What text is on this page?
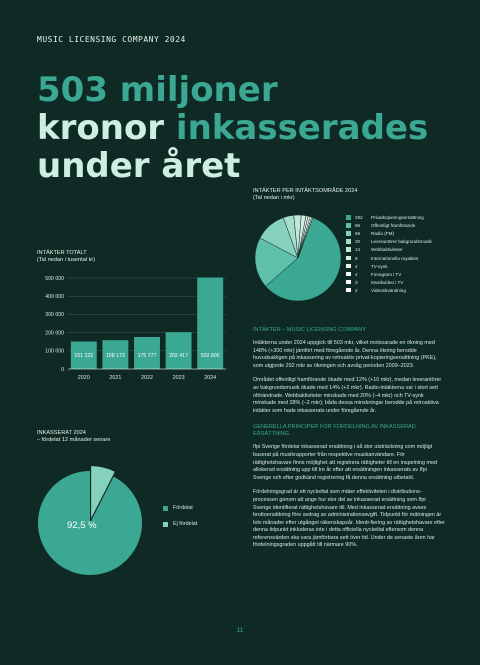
MUSIC LICENSING COMPANY 2024
503 miljoner
kronor inkasserades
under året
INTÄKTER PER INTÄKTSOMRÅDE 2024
(Tal nedan i mkr)
292	Privatkopieringsersättning
96	Offentligt framförande
59	Radio (FM)
20	Leverantörer bakgrundsmusik
14	Webbaktiviteter
9	Internationella royalties
4	TV-synk
4	Fonogram i TV
3	Musikvideo i TV
2	Videoskvändning
INTÄKTER TOTALT
(Tal nedan i tusental kr)
0
100 000
200 000
300 000
400 000
500 000
151 222
2020
158 173
2021
175 777
2022
202 417
2023
502 800
2024
INKASSERAT 2024
– fördelat 12 månader senare
92,5 %
Fördelat
Ej fördelat
INTÄKTER – MUSIC LICENSING COMPANY
Intäkterna under 2024 uppgick till 503 mkr, vilket motsvarade en ökning med 148% (+300 mkr) jämfört med föregående år. Denna ökning berodde huvudsakligen på inkassering av retroaktiv privat-kopieringsersättning (PKE), som utgjorde 292 mkr av ökningen och avsåg perioden 2009–2023.
Området offentligt framförande ökade med 12% (+10 mkr), medan leverantörer av bakgrundsmusik ökade med 14% (+2 mkr). Radio-intäkterna var i stort sett oförändrade. Webbaktiviteter minskade med 20% (–4 mkr) och TV-synk minskade med 28% (–2 mkr); båda dessa minskningar berodde på retroaktiva intäkter som hade inkasserats under föregående år.
GENERELLA PRINCIPER FÖR FÖRDELNING AV INKASSERAD ERSÄTTNING
Ifpi Sverige fördelar inkasserad ersättning i så stor utsträckning som möjligt baserat på musikrapporter från respektive musikanvändare. För rättighetshavare finns möjlighet att registrera rättigheter till en inspelning med allokerad ersättning upp till tre år efter att ersättningen inkasserats av Ifpi Sverige och efter godkänd registrering få denna ersättning utbetald.
Fördelningsgrad är ett nyckeltal som mäter effektiviteten i distributions-processen genom att ange hur stor del av inkasserad ersättning som Ifpi Sverige identifierat rättighetshavare till. Med inkasserad ersättning avses bruttoersättning före avdrag av administrationsavgift. Tidpunkt för mätningen är tolv månader efter utgånget räkenskapsår. Identi-fiering av rättighetshavare efter denna tidpunkt inkluderas inte i detta officiella nyckeltal eftersom denna referensvärden ska vara jämförbara sett över tid. Under de senaste åren har fördelningsgraden uppgått till närmare 90%.
11
